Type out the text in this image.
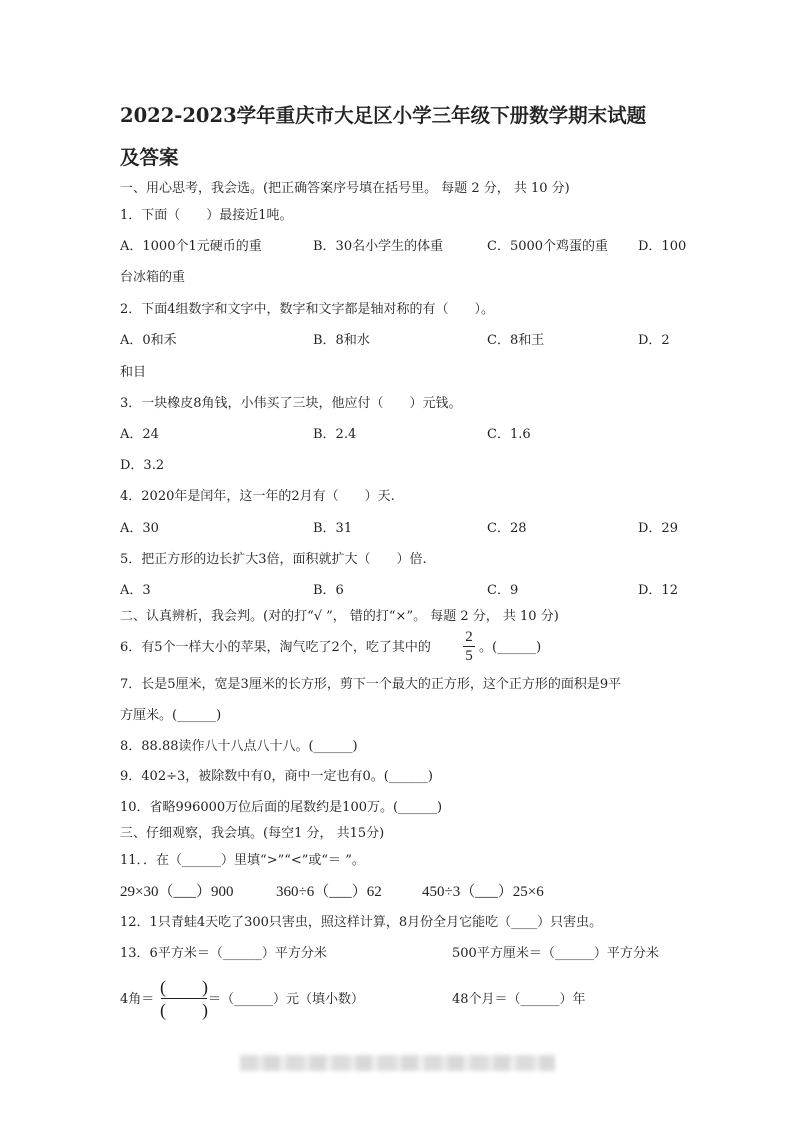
2022-2023学年重庆市大足区小学三年级下册数学期末试题
及答案
一、用心思考，我会选。(把正确答案序号填在括号里。 每题 2 分， 共 10 分)
1．下面（　　）最接近1吨。
A．1000个1元硬币的重	B．30名小学生的体重	C．5000个鸡蛋的重 D．100
台冰箱的重
2．下面4组数字和文字中，数字和文字都是轴对称的有（　　）。
A．0和禾	B．8和水	C．8和王	D．2
和目
3．一块橡皮8角钱，小伟买了三块，他应付（　　）元钱。
A．24	B．2.4	C．1.6
D．3.2
4．2020年是闰年，这一年的2月有（　　）天.
A．30	B．31	C．28	D．29
5．把正方形的边长扩大3倍，面积就扩大（　　）倍.
A．3	B．6	C．9	D．12
二、认真辨析，我会判。(对的打“√ ”， 错的打“×”。 每题 2 分， 共 10 分)
6．有5个一样大小的苹果，淘气吃了2个，吃了其中的
2
5
。(______)
7．长是5厘米，宽是3厘米的长方形，剪下一个最大的正方形，这个正方形的面积是9平
方厘米。(______)
8．88.88读作八十八点八十八。(______)
9．402÷3，被除数中有0，商中一定也有0。(______)
10．省略996000万位后面的尾数约是100万。(______)
三、仔细观察，我会填。(每空1 分， 共15分)
11．．在（______）里填“>”“<”或“＝ ”。
29×30（___）900	360÷6（___）62	450÷3（___）25×6
12．1只青蛙4天吃了300只害虫，照这样计算，8月份全月它能吃（____）只害虫。
13．6平方米＝（______）平方分米	500平方厘米＝（______）平方分米
4角＝
(　　)
(　　)
＝（______）元（填小数）	48个月＝（______）年
